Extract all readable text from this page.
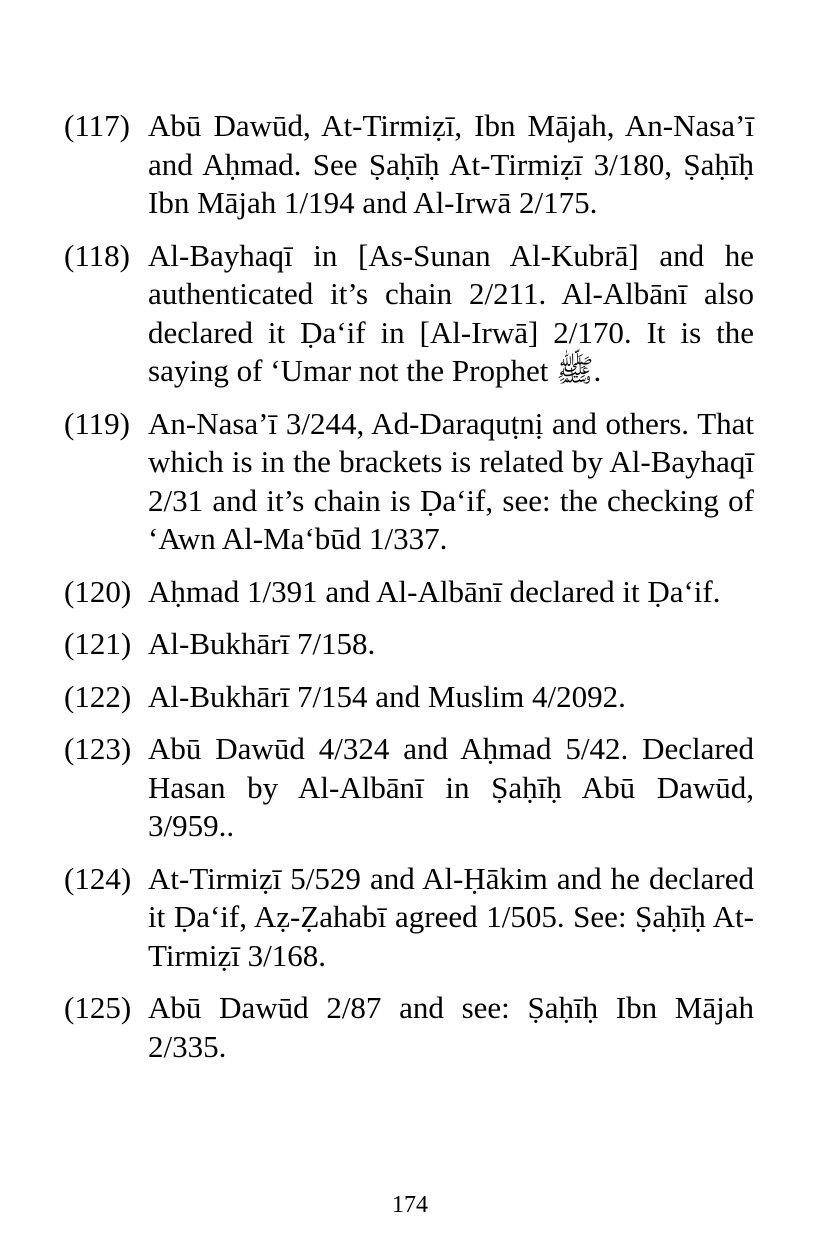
(117) Abū Dawūd, At-Tirmiẓī, Ibn Mājah, An-Nasa’ī and Aḥmad. See Ṣaḥīḥ At-Tirmiẓī 3/180, Ṣaḥīḥ Ibn Mājah 1/194 and Al-Irwā 2/175.
(118) Al-Bayhaqī in [As-Sunan Al-Kubrā] and he authenticated it’s chain 2/211. Al-Albānī also declared it Ḍa‘if in [Al-Irwā] 2/170. It is the saying of ‘Umar not the Prophet ﷺ.
(119) An-Nasa’ī 3/244, Ad-Daraquṭnị and others. That which is in the brackets is related by Al-Bayhaqī 2/31 and it’s chain is Ḍa‘if, see: the checking of ‘Awn Al-Ma‘būd 1/337.
(120) Aḥmad 1/391 and Al-Albānī declared it Ḍa‘if.
(121) Al-Bukhārī 7/158.
(122) Al-Bukhārī 7/154 and Muslim 4/2092.
(123) Abū Dawūd 4/324 and Aḥmad 5/42. Declared Hasan by Al-Albānī in Ṣaḥīḥ Abū Dawūd, 3/959..
(124) At-Tirmiẓī 5/529 and Al-Ḥākim and he declared it Ḍa‘if, Aẓ-Ẓahabī agreed 1/505. See: Ṣaḥīḥ At-Tirmiẓī 3/168.
(125) Abū Dawūd 2/87 and see: Ṣaḥīḥ Ibn Mājah 2/335.
174
